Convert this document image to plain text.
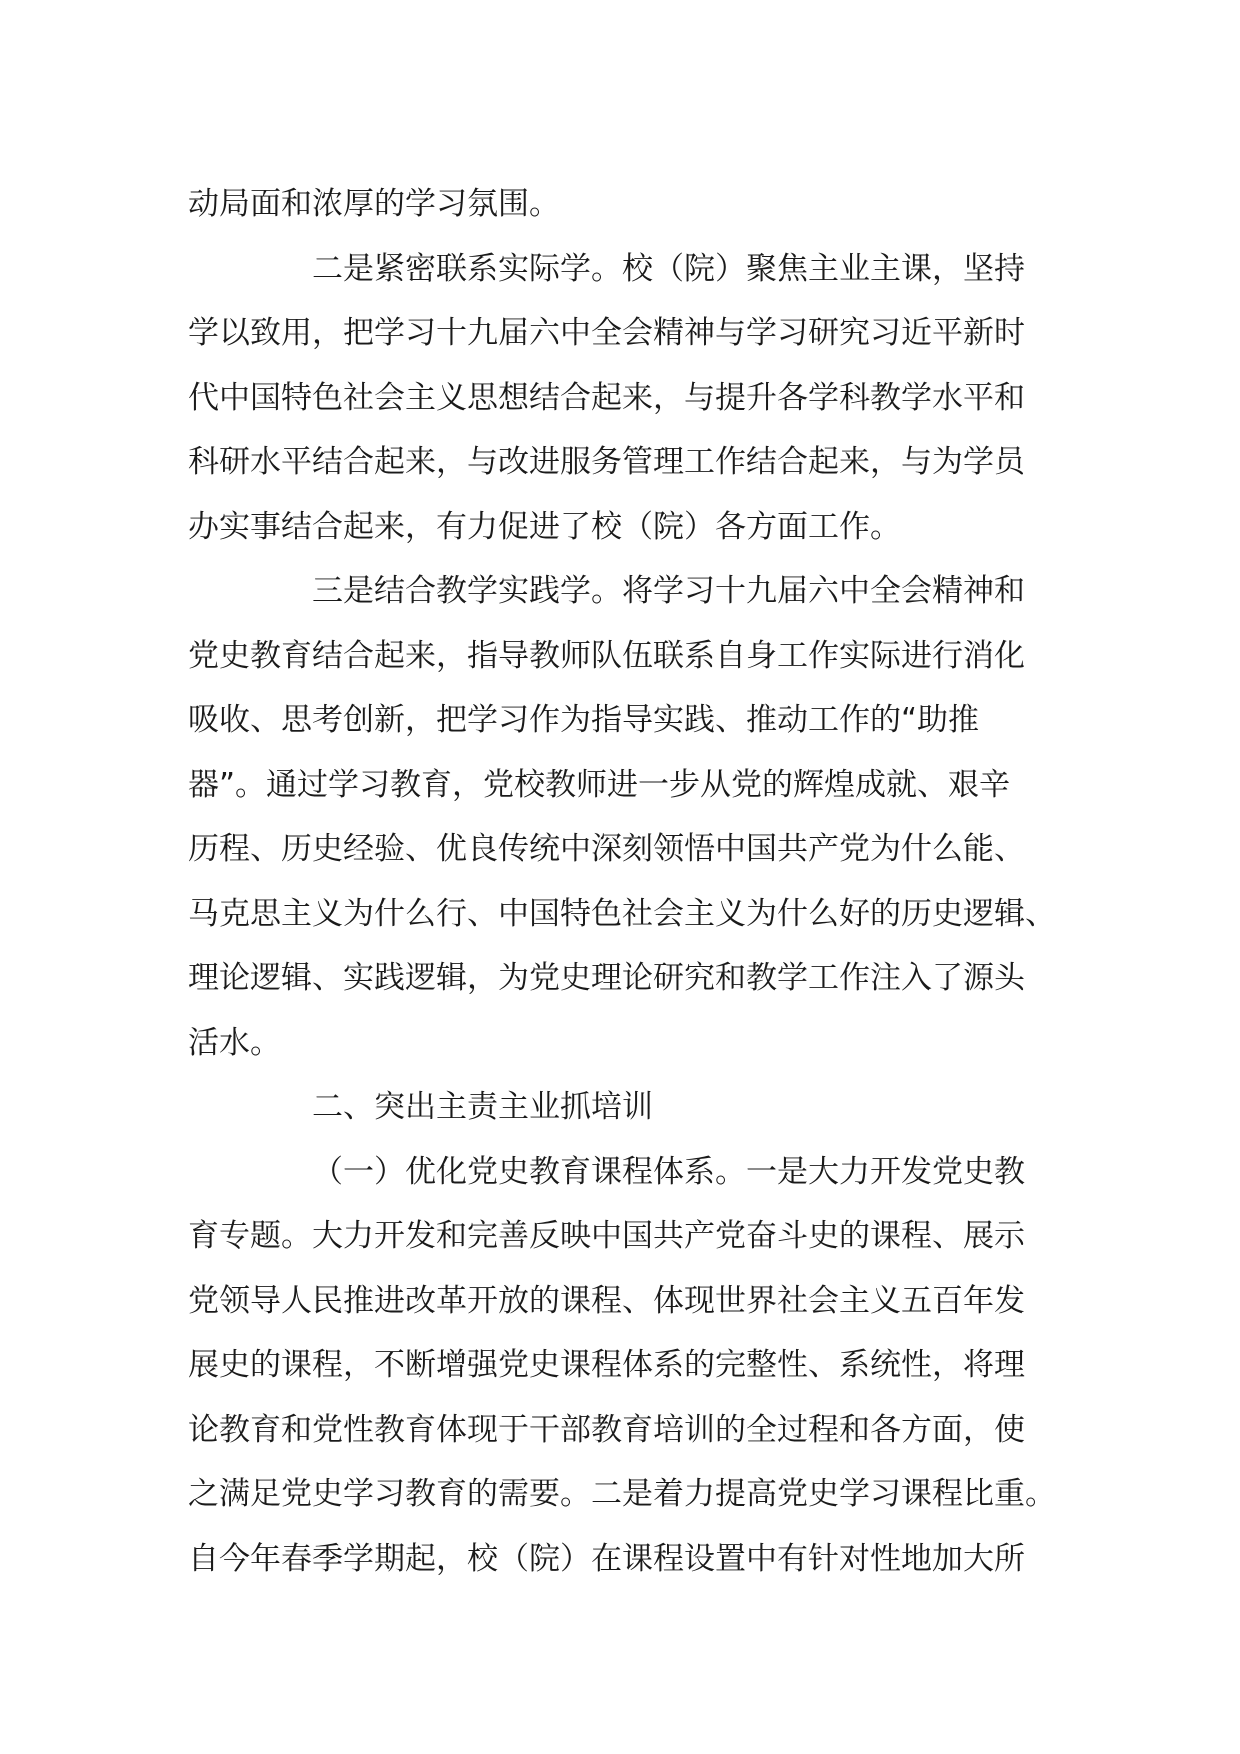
动局面和浓厚的学习氛围。
二是紧密联系实际学。校（院）聚焦主业主课，坚持
学以致用，把学习十九届六中全会精神与学习研究习近平新时
代中国特色社会主义思想结合起来，与提升各学科教学水平和
科研水平结合起来，与改进服务管理工作结合起来，与为学员
办实事结合起来，有力促进了校（院）各方面工作。
三是结合教学实践学。将学习十九届六中全会精神和
党史教育结合起来，指导教师队伍联系自身工作实际进行消化
吸收、思考创新，把学习作为指导实践、推动工作的“助推
器”。通过学习教育，党校教师进一步从党的辉煌成就、艰辛
历程、历史经验、优良传统中深刻领悟中国共产党为什么能、
马克思主义为什么行、中国特色社会主义为什么好的历史逻辑、
理论逻辑、实践逻辑，为党史理论研究和教学工作注入了源头
活水。
二、突出主责主业抓培训
（一）优化党史教育课程体系。一是大力开发党史教
育专题。大力开发和完善反映中国共产党奋斗史的课程、展示
党领导人民推进改革开放的课程、体现世界社会主义五百年发
展史的课程，不断增强党史课程体系的完整性、系统性，将理
论教育和党性教育体现于干部教育培训的全过程和各方面，使
之满足党史学习教育的需要。二是着力提高党史学习课程比重。
自今年春季学期起，校（院）在课程设置中有针对性地加大所
